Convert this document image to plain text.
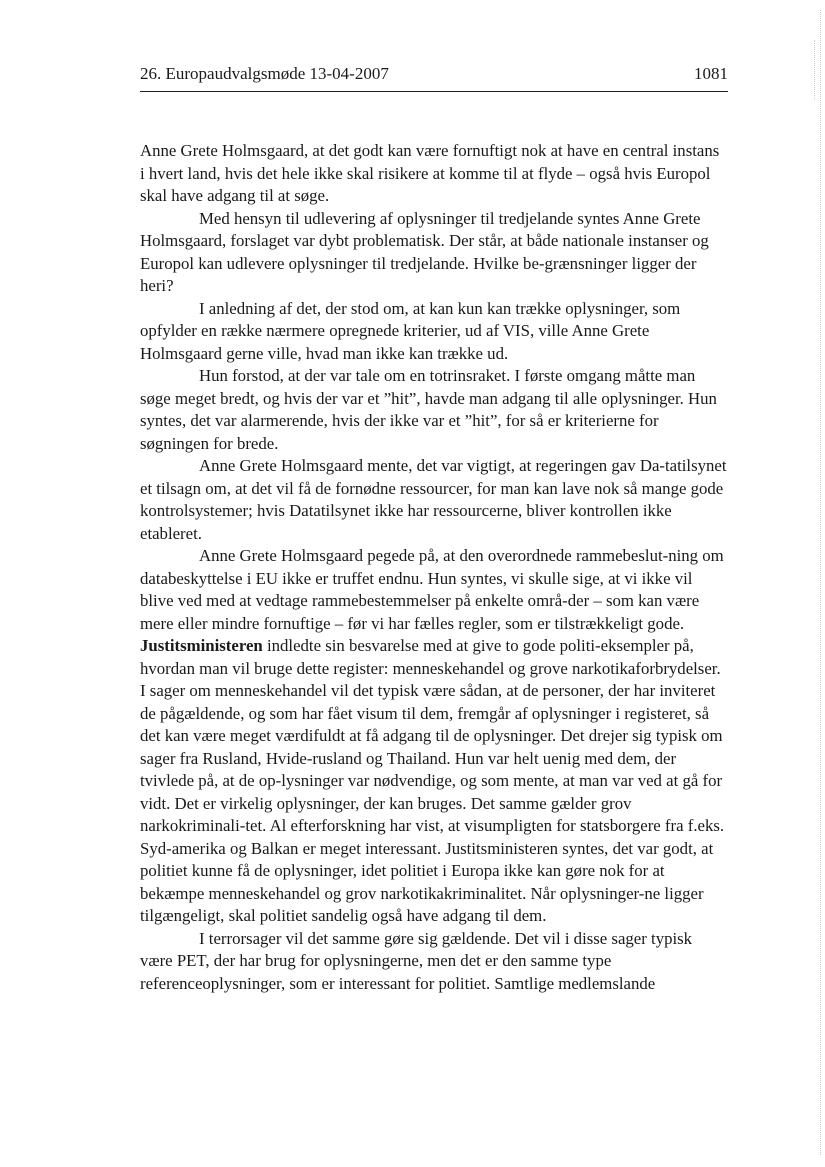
26. Europaudvalgsmøde 13-04-2007	1081

Anne Grete Holmsgaard, at det godt kan være fornuftigt nok at have en central instans i hvert land, hvis det hele ikke skal risikere at komme til at flyde – også hvis Europol skal have adgang til at søge.

Med hensyn til udlevering af oplysninger til tredjelande syntes Anne Grete Holmsgaard, forslaget var dybt problematisk. Der står, at både nationale instanser og Europol kan udlevere oplysninger til tredjelande. Hvilke be-grænsninger ligger der heri?

I anledning af det, der stod om, at kan kun kan trække oplysninger, som opfylder en række nærmere opregnede kriterier, ud af VIS, ville Anne Grete Holmsgaard gerne ville, hvad man ikke kan trække ud.

Hun forstod, at der var tale om en totrinsraket. I første omgang måtte man søge meget bredt, og hvis der var et ”hit”, havde man adgang til alle oplysninger. Hun syntes, det var alarmerende, hvis der ikke var et ”hit”, for så er kriterierne for søgningen for brede.

Anne Grete Holmsgaard mente, det var vigtigt, at regeringen gav Da-tatilsynet et tilsagn om, at det vil få de fornødne ressourcer, for man kan lave nok så mange gode kontrolsystemer; hvis Datatilsynet ikke har ressourcerne, bliver kontrollen ikke etableret.

Anne Grete Holmsgaard pegede på, at den overordnede rammebeslut-ning om databeskyttelse i EU ikke er truffet endnu. Hun syntes, vi skulle sige, at vi ikke vil blive ved med at vedtage rammebestemmelser på enkelte områ-der – som kan være mere eller mindre fornuftige – før vi har fælles regler, som er tilstrækkeligt gode.

Justitsministeren indledte sin besvarelse med at give to gode politi-eksempler på, hvordan man vil bruge dette register: menneskehandel og grove narkotikaforbrydelser. I sager om menneskehandel vil det typisk være sådan, at de personer, der har inviteret de pågældende, og som har fået visum til dem, fremgår af oplysninger i registeret, så det kan være meget værdifuldt at få adgang til de oplysninger. Det drejer sig typisk om sager fra Rusland, Hvide-rusland og Thailand. Hun var helt uenig med dem, der tvivlede på, at de op-lysninger var nødvendige, og som mente, at man var ved at gå for vidt. Det er virkelig oplysninger, der kan bruges. Det samme gælder grov narkokriminali-tet. Al efterforskning har vist, at visumpligten for statsborgere fra f.eks. Syd-amerika og Balkan er meget interessant. Justitsministeren syntes, det var godt, at politiet kunne få de oplysninger, idet politiet i Europa ikke kan gøre nok for at bekæmpe menneskehandel og grov narkotikakriminalitet. Når oplysninger-ne ligger tilgængeligt, skal politiet sandelig også have adgang til dem.

I terrorsager vil det samme gøre sig gældende. Det vil i disse sager typisk være PET, der har brug for oplysningerne, men det er den samme type referenceoplysninger, som er interessant for politiet. Samtlige medlemslande
